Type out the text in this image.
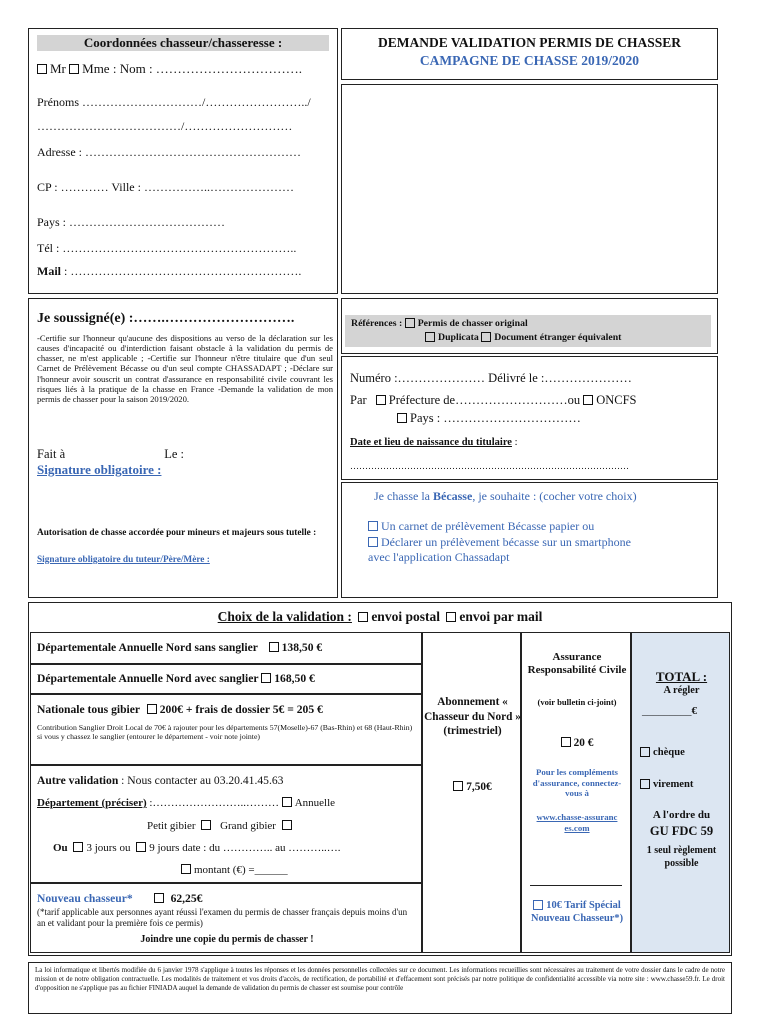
Coordonnées chasseur/chasseresse :
Mr Mme : Nom : …………………………….
Prénoms …………………………/……………………../
………………………………/………………………
Adresse : ………………………………………………
CP : ………… Ville : ……………..…………………
Pays : …………………………………
Tél : …………………………………………………..
Mail : ………………………………………………….
DEMANDE VALIDATION PERMIS DE CHASSER
CAMPAGNE DE CHASSE 2019/2020
Je soussigné(e) :…….……………………….
-Certifie sur l'honneur qu'aucune des dispositions au verso de la déclaration sur les causes d'incapacité ou d'interdiction faisant obstacle à la validation du permis de chasser, ne m'est applicable ; -Certifie sur l'honneur n'être titulaire que d'un seul Carnet de Prélèvement Bécasse ou d'un seul compte CHASSADAPT ; -Déclare sur l'honneur avoir souscrit un contrat d'assurance en responsabilité civile couvrant les risques liés à la pratique de la chasse en France -Demande la validation de mon permis de chasser pour la saison 2019/2020.
Fait à	Le :
Signature obligatoire :
Autorisation de chasse accordée pour mineurs et majeurs sous tutelle :
Signature obligatoire du tuteur/Père/Mère :
Références : Permis de chasser original
Duplicata Document étranger équivalent
Numéro :………………… Délivré le :…………………
Par Préfecture de………………………ou ONCFS
Pays : ……………………………
Date et lieu de naissance du titulaire :
…………………………………………………………………………………
Je chasse la Bécasse, je souhaite : (cocher votre choix)
Un carnet de prélèvement Bécasse papier ou
Déclarer un prélèvement bécasse sur un smartphone
avec l'application Chassadapt
Choix de la validation : envoi postal envoi par mail
Départementale Annuelle Nord sans sanglier 138,50 €
Départementale Annuelle Nord avec sanglier 168,50 €
Nationale tous gibier 200€ + frais de dossier 5€ = 205 €
Contribution Sanglier Droit Local de 70€ à rajouter pour les départements 57(Moselle)-67 (Bas-Rhin) et 68 (Haut-Rhin) si vous y chassez le sanglier (entourer le département - voir note jointe)
Autre validation : Nous contacter au 03.20.41.45.63
Département (préciser) :……………………..……… Annuelle
Petit gibier Grand gibier
Ou 3 jours ou 9 jours date : du ………….. au ………..….
montant (€) =______
Nouveau chasseur*	62,25€
(*tarif applicable aux personnes ayant réussi l'examen du permis de chasser français depuis moins d'un an et validant pour la première fois ce permis)
Joindre une copie du permis de chasser !
Abonnement « Chasseur du Nord » (trimestriel)
7,50€
Assurance Responsabilité Civile
(voir bulletin ci-joint)
20 €
Pour les compléments d'assurance, connectez-vous à
www.chasse-assurances.com
10€ Tarif Spécial Nouveau Chasseur*)
TOTAL :
A régler
_________€
chèque
virement
A l'ordre du
GU FDC 59
1 seul règlement possible
La loi informatique et libertés modifiée du 6 janvier 1978 s'applique à toutes les réponses et les données personnelles collectées sur ce document. Les informations recueillies sont nécessaires au traitement de votre dossier dans le cadre de notre mission et de notre obligation contractuelle. Les modalités de traitement et vos droits d'accès, de rectification, de portabilité et d'effacement sont précisés par notre politique de confidentialité accessible via notre site : www.chasse59.fr. Le droit d'opposition ne s'applique pas au fichier FINIADA auquel la demande de validation du permis de chasser est soumise pour contrôle
